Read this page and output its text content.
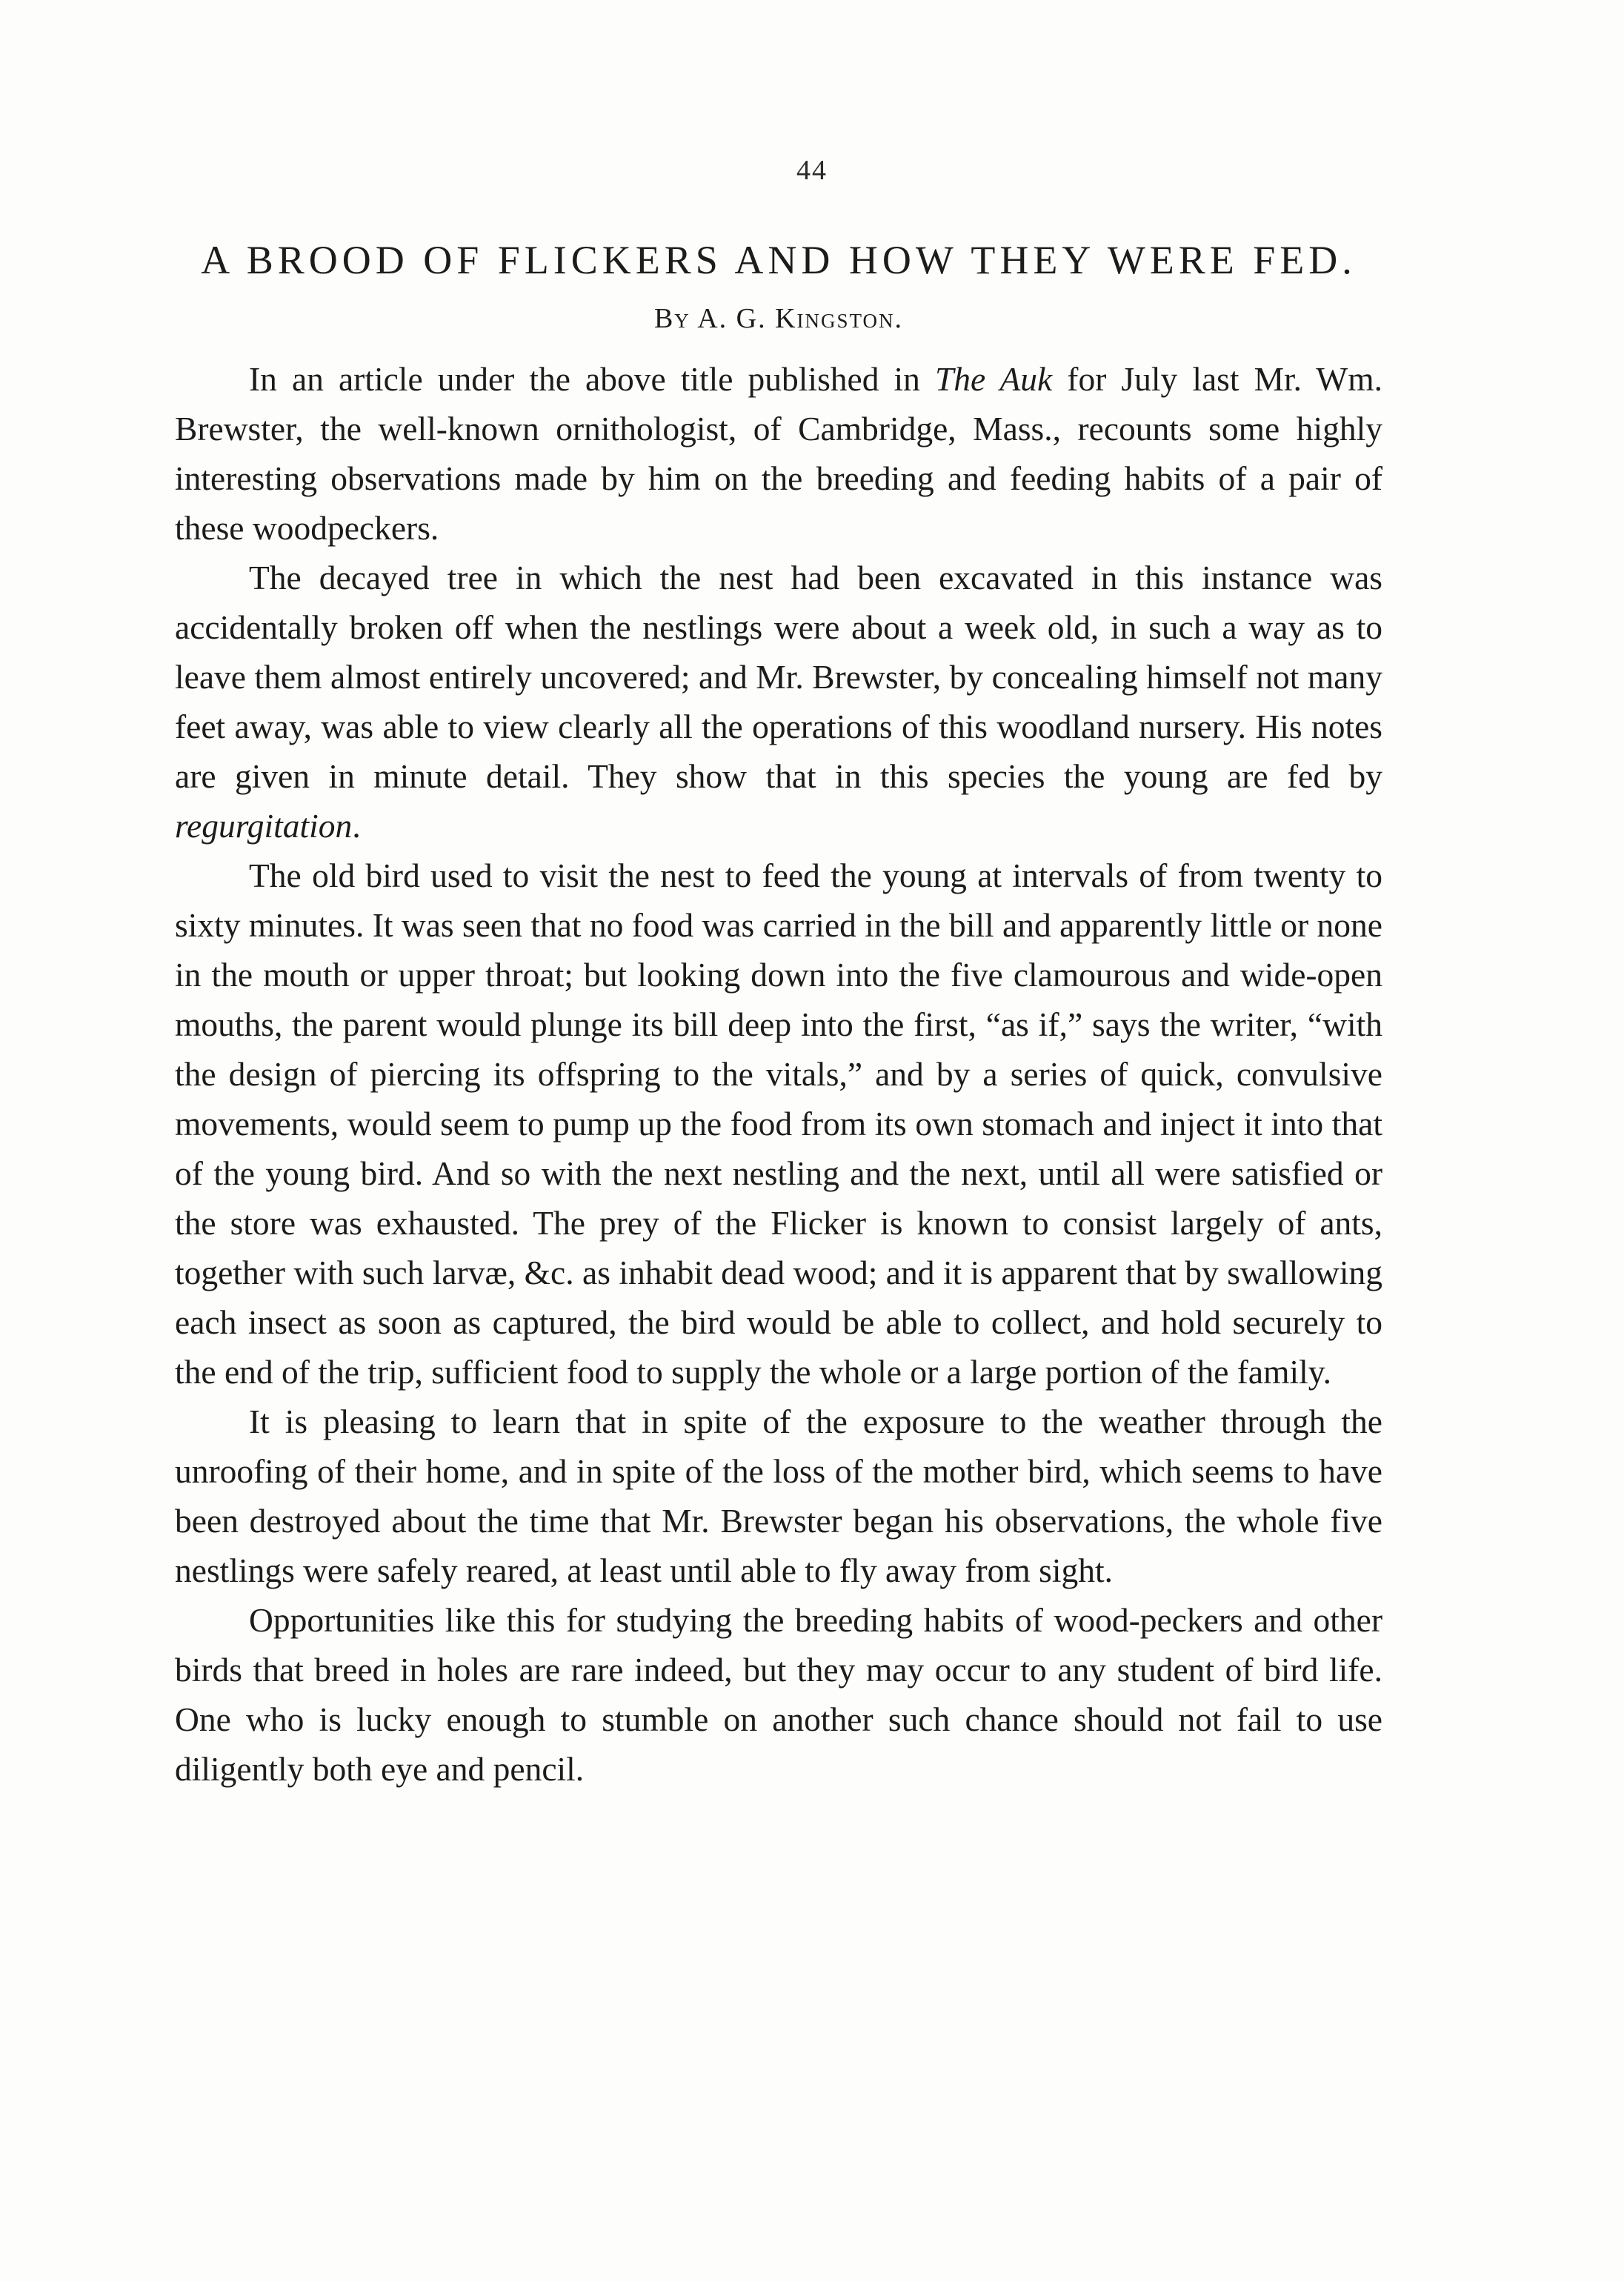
44
A BROOD OF FLICKERS AND HOW THEY WERE FED.
By A. G. Kingston.

In an article under the above title published in The Auk for July last Mr. Wm. Brewster, the well-known ornithologist, of Cambridge, Mass., recounts some highly interesting observations made by him on the breeding and feeding habits of a pair of these woodpeckers.

The decayed tree in which the nest had been excavated in this instance was accidentally broken off when the nestlings were about a week old, in such a way as to leave them almost entirely uncovered; and Mr. Brewster, by concealing himself not many feet away, was able to view clearly all the operations of this woodland nursery. His notes are given in minute detail. They show that in this species the young are fed by regurgitation.

The old bird used to visit the nest to feed the young at intervals of from twenty to sixty minutes. It was seen that no food was carried in the bill and apparently little or none in the mouth or upper throat; but looking down into the five clamourous and wide-open mouths, the parent would plunge its bill deep into the first, “as if,” says the writer, “with the design of piercing its offspring to the vitals,” and by a series of quick, convulsive movements, would seem to pump up the food from its own stomach and inject it into that of the young bird. And so with the next nestling and the next, until all were satisfied or the store was exhausted. The prey of the Flicker is known to consist largely of ants, together with such larvæ, &c. as inhabit dead wood; and it is apparent that by swallowing each insect as soon as captured, the bird would be able to collect, and hold securely to the end of the trip, sufficient food to supply the whole or a large portion of the family.

It is pleasing to learn that in spite of the exposure to the weather through the unroofing of their home, and in spite of the loss of the mother bird, which seems to have been destroyed about the time that Mr. Brewster began his observations, the whole five nestlings were safely reared, at least until able to fly away from sight.

Opportunities like this for studying the breeding habits of wood-peckers and other birds that breed in holes are rare indeed, but they may occur to any student of bird life. One who is lucky enough to stumble on another such chance should not fail to use diligently both eye and pencil.
